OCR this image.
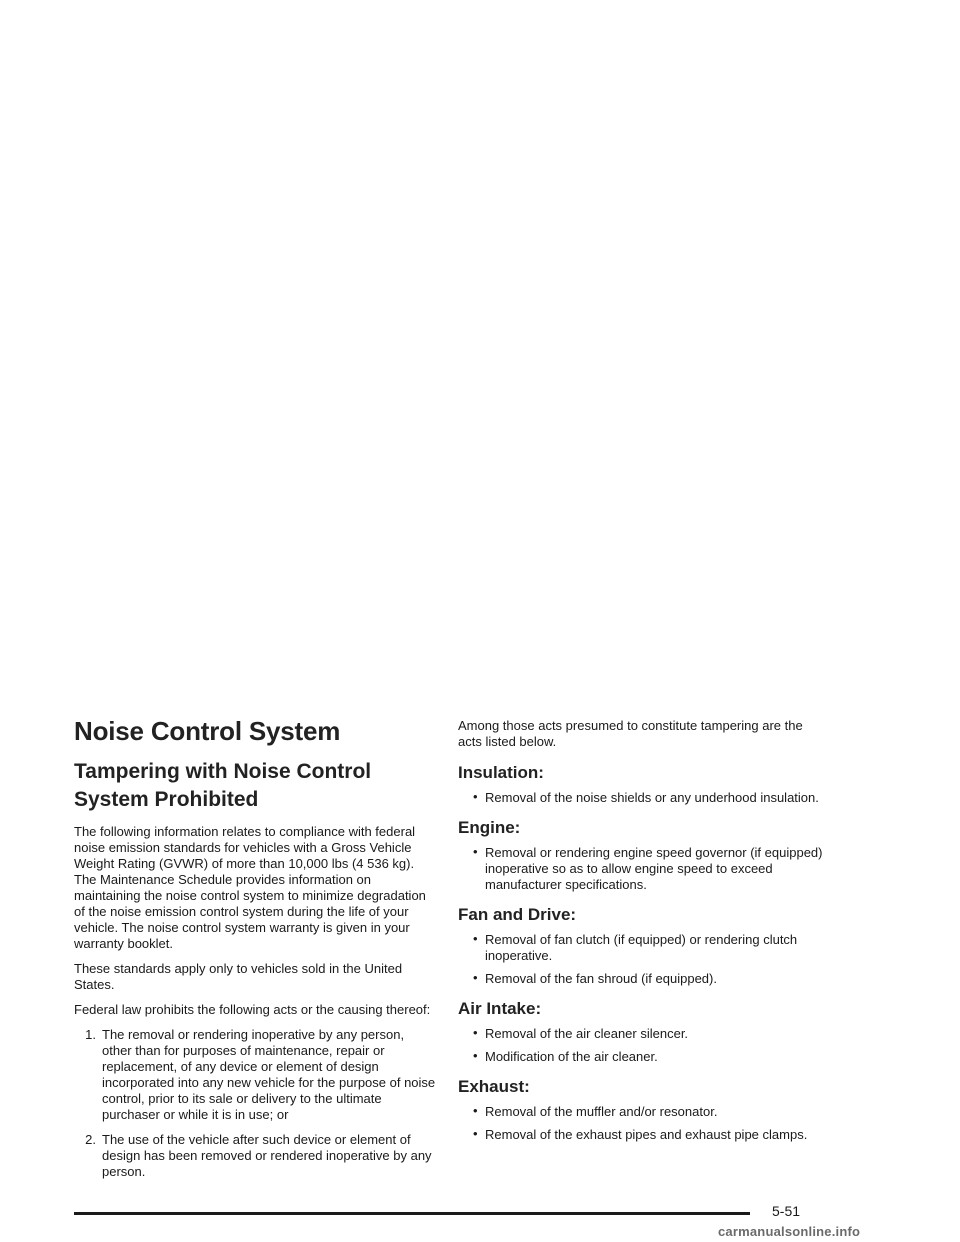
Noise Control System
Tampering with Noise Control System Prohibited

The following information relates to compliance with federal noise emission standards for vehicles with a Gross Vehicle Weight Rating (GVWR) of more than 10,000 lbs (4 536 kg). The Maintenance Schedule provides information on maintaining the noise control system to minimize degradation of the noise emission control system during the life of your vehicle. The noise control system warranty is given in your warranty booklet.

These standards apply only to vehicles sold in the United States.

Federal law prohibits the following acts or the causing thereof:

1. The removal or rendering inoperative by any person, other than for purposes of maintenance, repair or replacement, of any device or element of design incorporated into any new vehicle for the purpose of noise control, prior to its sale or delivery to the ultimate purchaser or while it is in use; or
2. The use of the vehicle after such device or element of design has been removed or rendered inoperative by any person.

Among those acts presumed to constitute tampering are the acts listed below.

Insulation:
• Removal of the noise shields or any underhood insulation.
Engine:
• Removal or rendering engine speed governor (if equipped) inoperative so as to allow engine speed to exceed manufacturer specifications.
Fan and Drive:
• Removal of fan clutch (if equipped) or rendering clutch inoperative.
• Removal of the fan shroud (if equipped).
Air Intake:
• Removal of the air cleaner silencer.
• Modification of the air cleaner.
Exhaust:
• Removal of the muffler and/or resonator.
• Removal of the exhaust pipes and exhaust pipe clamps.
5-51
carmanualsonline.info
